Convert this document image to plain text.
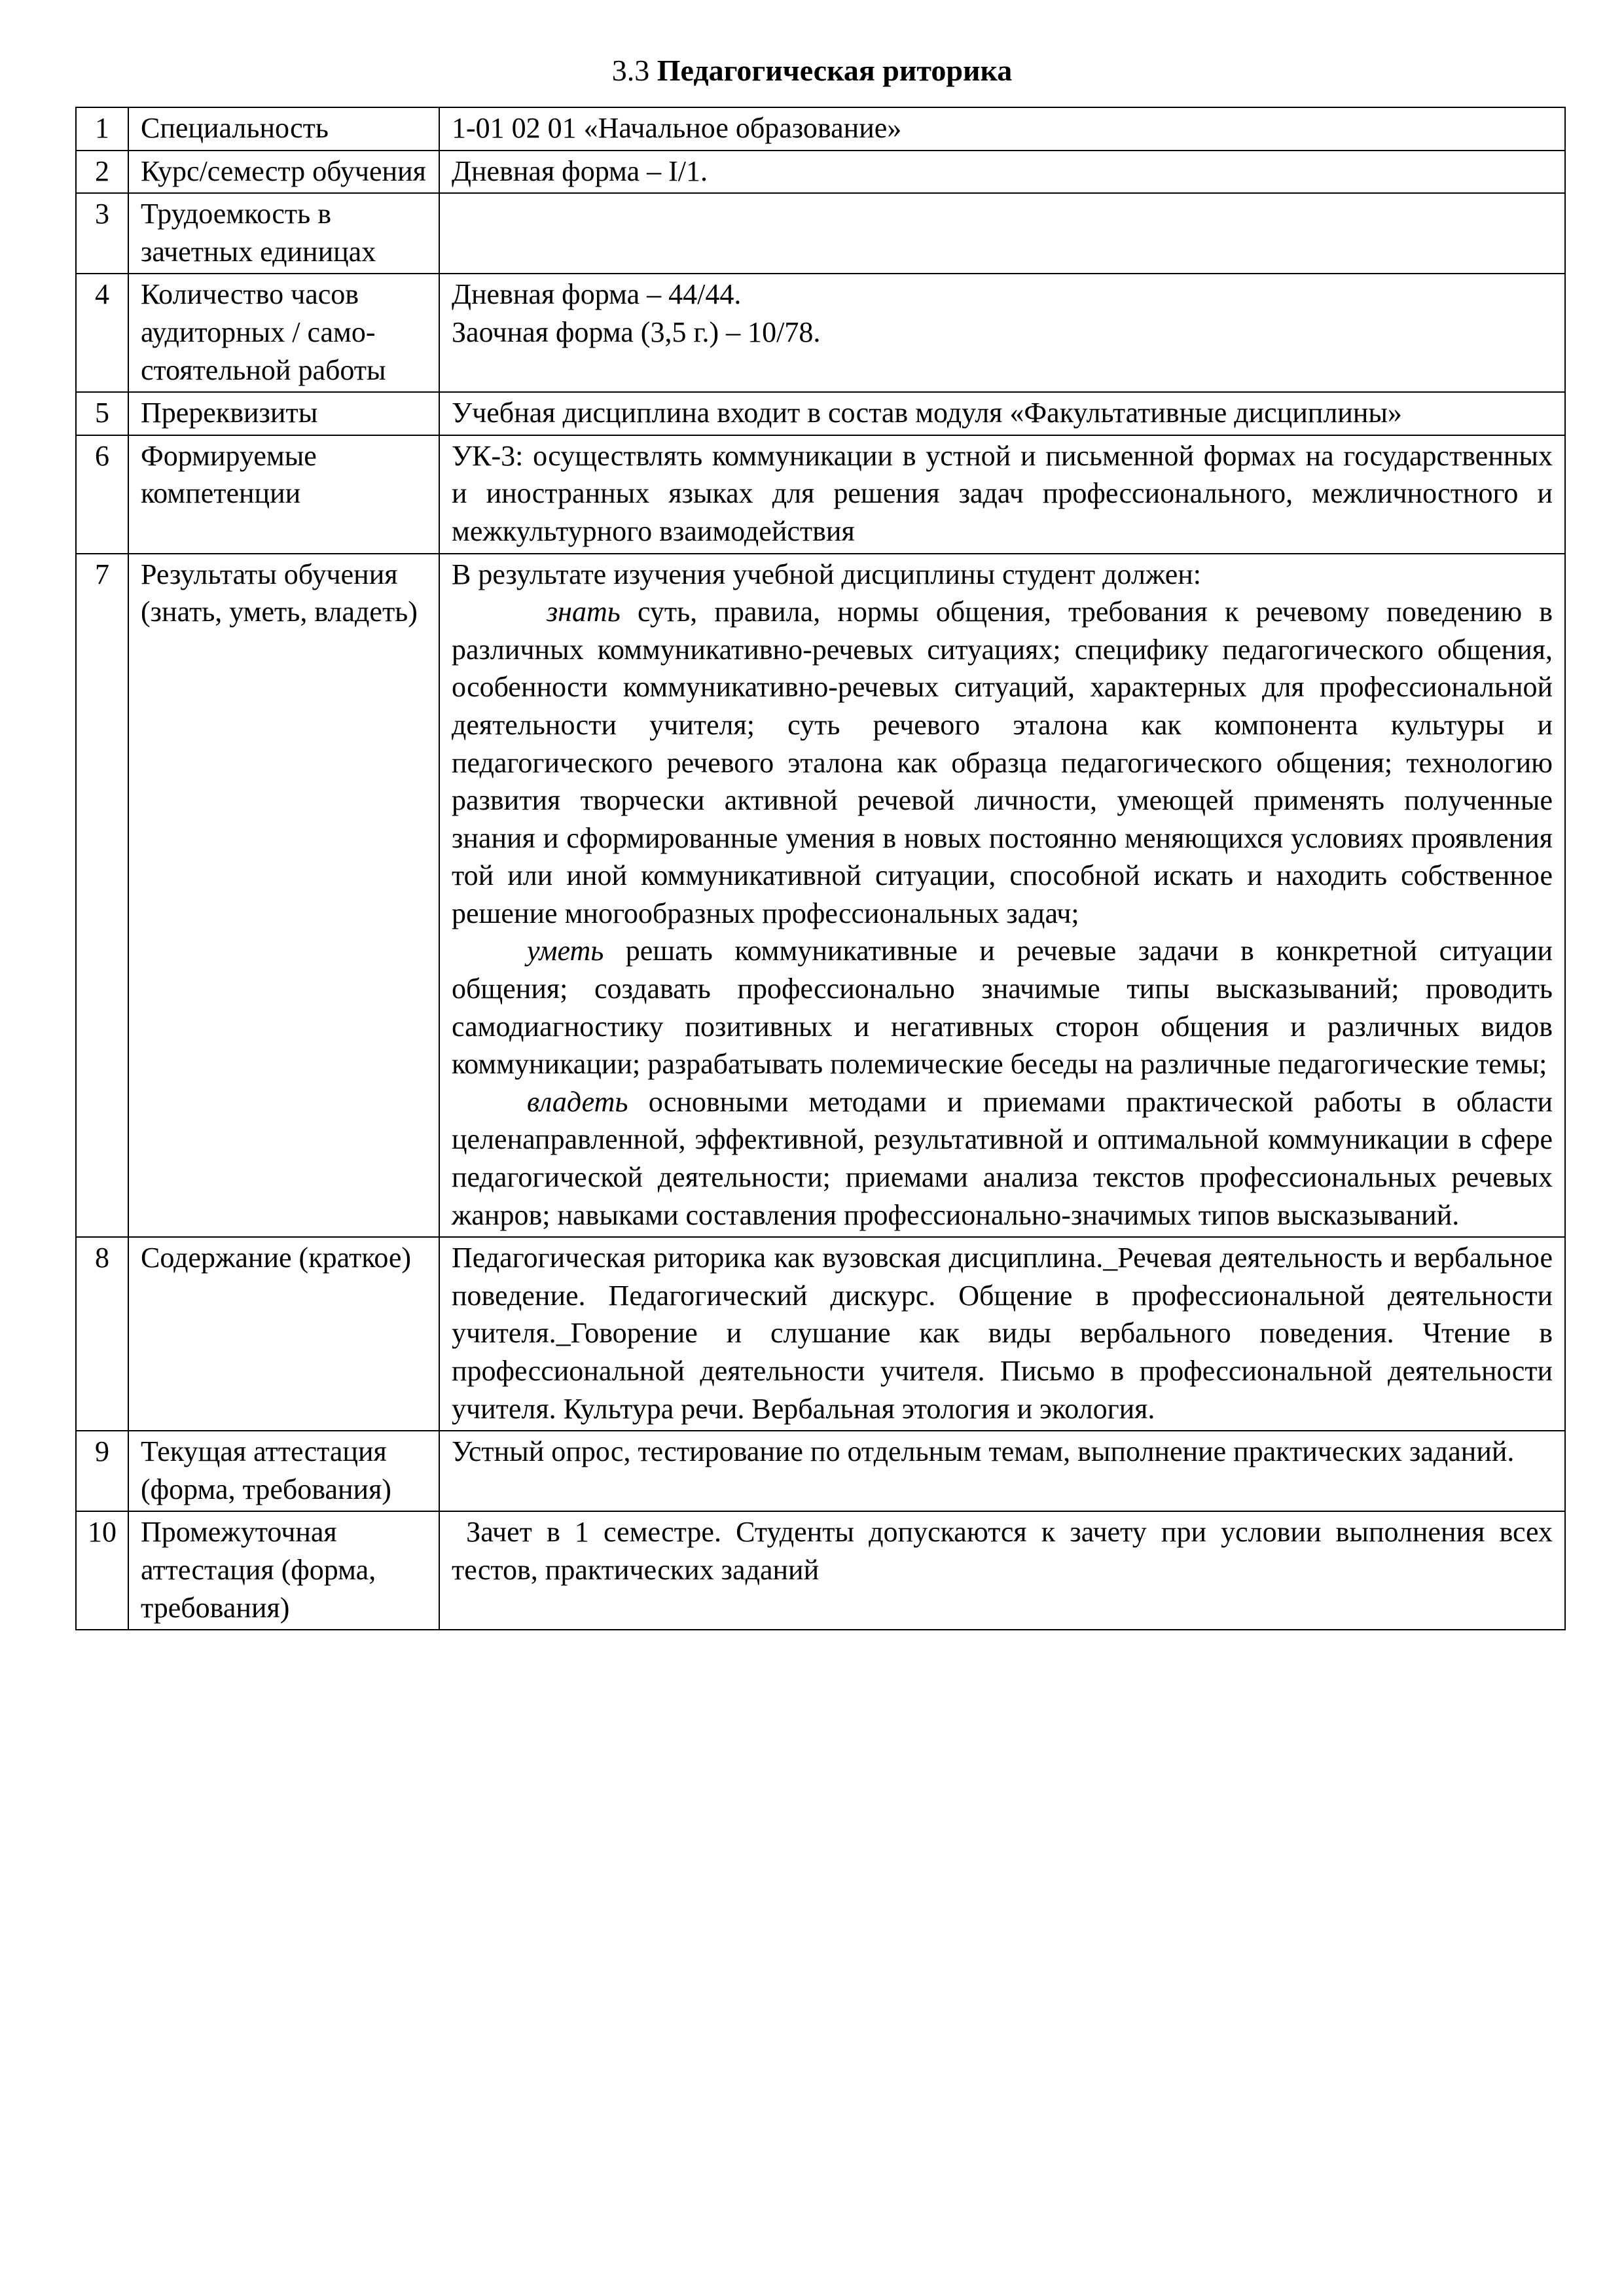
3.3 Педагогическая риторика
1	Специальность	1-01 02 01 «Начальное образование»
2	Курс/семестр обучения	Дневная форма – I/1.
3	Трудоемкость в зачетных единицах	
4	Количество часов аудиторных / само-стоятельной работы	Дневная форма – 44/44.
Заочная форма (3,5 г.) – 10/78.

5	Пререквизиты	Учебная дисциплина входит в состав модуля «Факультативные дисциплины»
6	Формируемые компетенции	УК-3: осуществлять коммуникации в устной и письменной формах на государственных и иностранных языках для решения задач профессионального, межличностного и межкультурного взаимодействия
7	Результаты обучения (знать, уметь, владеть)	В результате изучения учебной дисциплины студент должен:

знать суть, правила, нормы общения, требования к речевому поведению в различных коммуникативно-речевых ситуациях; специфику педагогического общения, особенности коммуникативно-речевых ситуаций, характерных для профессиональной деятельности учителя; суть речевого эталона как компонента культуры и педагогического речевого эталона как образца педагогического общения; технологию развития творчески активной речевой личности, умеющей применять полученные знания и сформированные умения в новых постоянно меняющихся условиях проявления той или иной коммуникативной ситуации, способной искать и находить собственное решение многообразных профессиональных задач;

уметь решать коммуникативные и речевые задачи в конкретной ситуации общения; создавать профессионально значимые типы высказываний; проводить самодиагностику позитивных и негативных сторон общения и различных видов коммуникации; разрабатывать полемические беседы на различные педагогические темы;

владеть основными методами и приемами практической работы в области целенаправленной, эффективной, результативной и оптимальной коммуникации в сфере педагогической деятельности; приемами анализа текстов профессиональных речевых жанров; навыками составления профессионально-значимых типов высказываний.

8	Содержание (краткое)	Педагогическая риторика как вузовская дисциплина._Речевая деятельность и вербальное поведение. Педагогический дискурс. Общение в профессиональной деятельности учителя._Говорение и слушание как виды вербального поведения. Чтение в профессиональной деятельности учителя. Письмо в профессиональной деятельности учителя. Культура речи. Вербальная этология и экология.
9	Текущая аттестация (форма, требования)	Устный опрос, тестирование по отдельным темам, выполнение практических заданий.
10	Промежуточная аттестация (форма, требования)	Зачет в 1 семестре. Студенты допускаются к зачету при условии выполнения всех тестов, практических заданий
